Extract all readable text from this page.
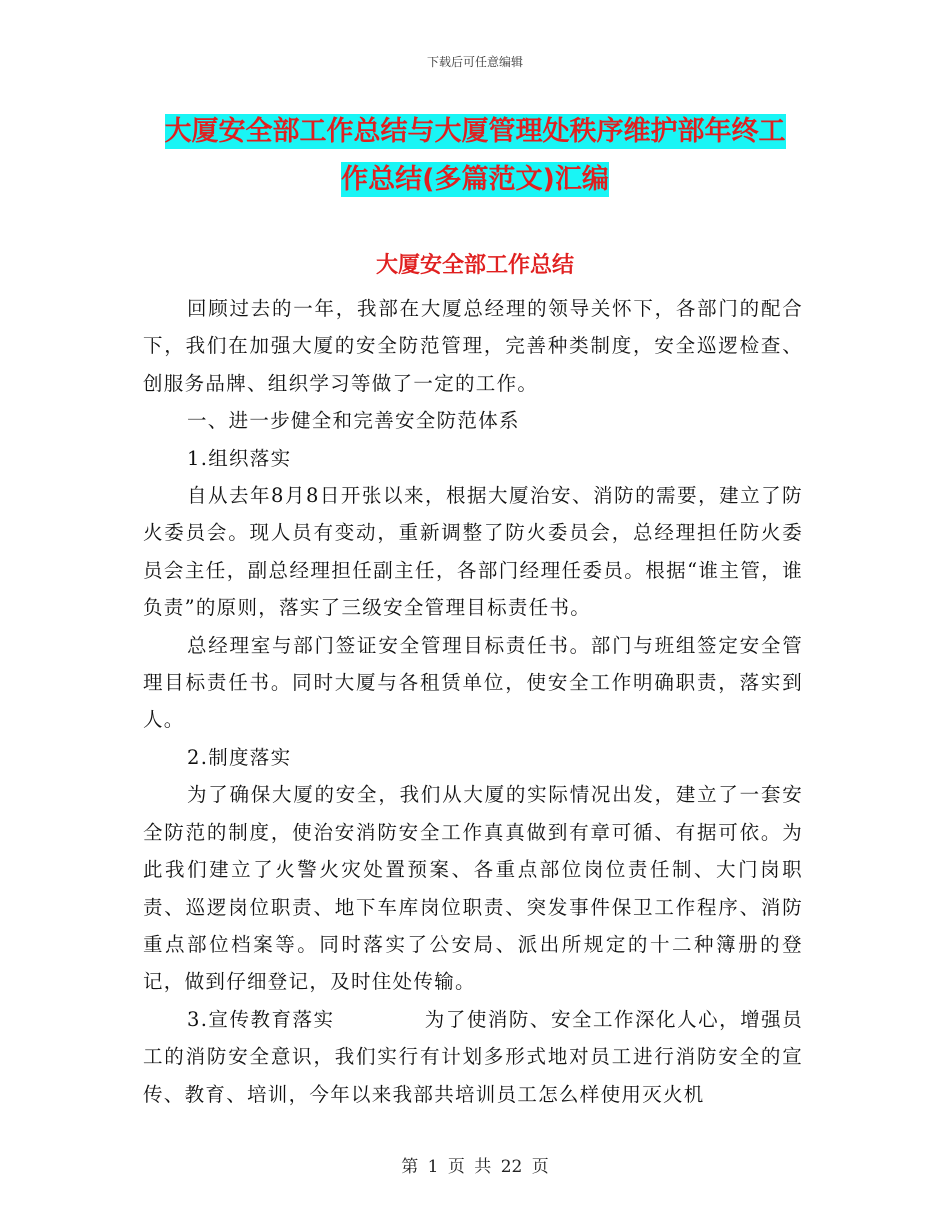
下载后可任意编辑
大厦安全部工作总结与大厦管理处秩序维护部年终工
作总结(多篇范文)汇编
大厦安全部工作总结

回顾过去的一年，我部在大厦总经理的领导关怀下，各部门的配合下，我们在加强大厦的安全防范管理，完善种类制度，安全巡逻检查、创服务品牌、组织学习等做了一定的工作。

一、进一步健全和完善安全防范体系

1.组织落实

自从去年8月8日开张以来，根据大厦治安、消防的需要，建立了防火委员会。现人员有变动，重新调整了防火委员会，总经理担任防火委员会主任，副总经理担任副主任，各部门经理任委员。根据“谁主管，谁负责”的原则，落实了三级安全管理目标责任书。

总经理室与部门签证安全管理目标责任书。部门与班组签定安全管理目标责任书。同时大厦与各租赁单位，使安全工作明确职责，落实到人。

2.制度落实

为了确保大厦的安全，我们从大厦的实际情况出发，建立了一套安全防范的制度，使治安消防安全工作真真做到有章可循、有据可依。为此我们建立了火警火灾处置预案、各重点部位岗位责任制、大门岗职责、巡逻岗位职责、地下车库岗位职责、突发事件保卫工作程序、消防重点部位档案等。同时落实了公安局、派出所规定的十二种簿册的登记，做到仔细登记，及时住处传输。

3.宣传教育落实	为了使消防、安全工作深化人心，增强员工的消防安全意识，我们实行有计划多形式地对员工进行消防安全的宣传、教育、培训，今年以来我部共培训员工怎么样使用灭火机

第 1 页 共 22 页
